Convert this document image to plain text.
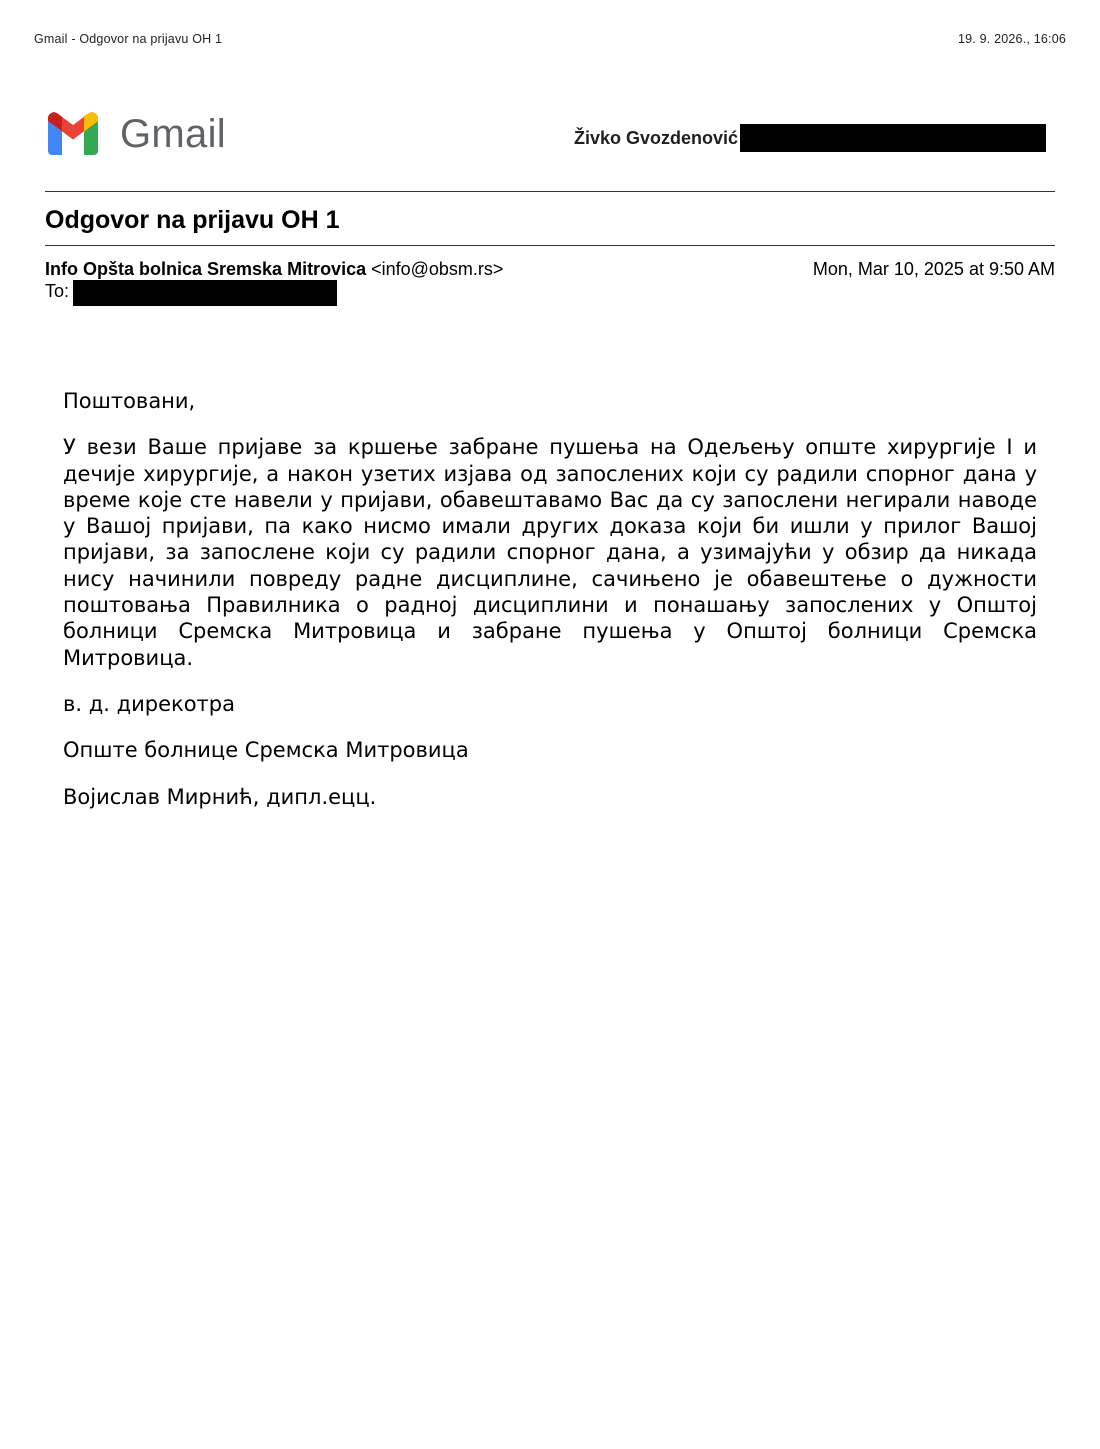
Gmail - Odgovor na prijavu OH 1	19. 9. 2026., 16:06
Gmail	Živko Gvozdenović
Odgovor na prijavu OH 1
Info Opšta bolnica Sremska Mitrovica <info@obsm.rs>	Mon, Mar 10, 2025 at 9:50 AM
To:

Поштовани,

У вези Ваше пријаве за кршење забране пушења на Одељењу опште хирургије I и дечије хирургије, а након узетих изјава од запослених који су радили спорног дана у време које сте навели у пријави, обавештавамо Вас да су запослени негирали наводе у Вашој пријави, па како нисмо имали других доказа који би ишли у прилог Вашој пријави, за запослене који су радили спорног дана, а узимајући у обзир да никада нису начинили повреду радне дисциплине, сачињено је обавештење о дужности поштовања Правилника о радној дисциплини и понашању запослених у Општој болници Сремска Митровица и забране пушења у Општој болници Сремска Митровица.

в. д. дирекотра

Опште болнице Сремска Митровица

Војислав Мирнић, дипл.ецц.
